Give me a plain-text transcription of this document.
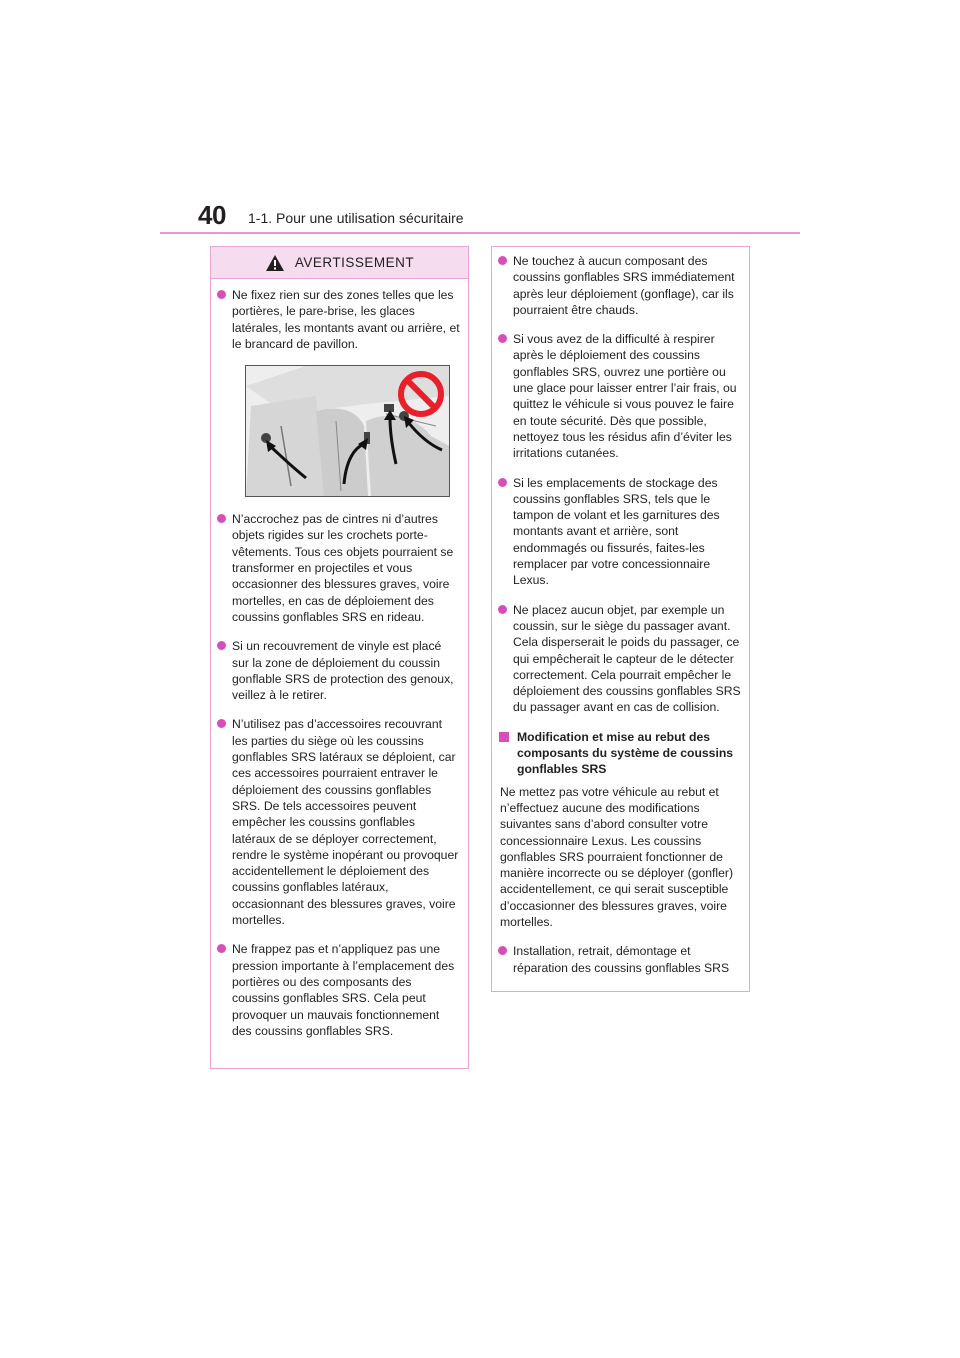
40 1-1. Pour une utilisation sécuritaire
AVERTISSEMENT
Ne fixez rien sur des zones telles que les portières, le pare-brise, les glaces latérales, les montants avant ou arrière, et le brancard de pavillon.
N’accrochez pas de cintres ni d’autres objets rigides sur les crochets porte-vêtements. Tous ces objets pourraient se transformer en projectiles et vous occasionner des blessures graves, voire mortelles, en cas de déploiement des coussins gonflables SRS en rideau.
Si un recouvrement de vinyle est placé sur la zone de déploiement du coussin gonflable SRS de protection des genoux, veillez à le retirer.
N’utilisez pas d’accessoires recouvrant les parties du siège où les coussins gonflables SRS latéraux se déploient, car ces accessoires pourraient entraver le déploiement des coussins gonflables SRS. De tels accessoires peuvent empêcher les coussins gonflables latéraux de se déployer correctement, rendre le système inopérant ou provoquer accidentellement le déploiement des coussins gonflables latéraux, occasionnant des blessures graves, voire mortelles.
Ne frappez pas et n’appliquez pas une pression importante à l’emplacement des portières ou des composants des coussins gonflables SRS. Cela peut provoquer un mauvais fonctionnement des coussins gonflables SRS.
Ne touchez à aucun composant des coussins gonflables SRS immédiatement après leur déploiement (gonflage), car ils pourraient être chauds.
Si vous avez de la difficulté à respirer après le déploiement des coussins gonflables SRS, ouvrez une portière ou une glace pour laisser entrer l’air frais, ou quittez le véhicule si vous pouvez le faire en toute sécurité. Dès que possible, nettoyez tous les résidus afin d’éviter les irritations cutanées.
Si les emplacements de stockage des coussins gonflables SRS, tels que le tampon de volant et les garnitures des montants avant et arrière, sont endommagés ou fissurés, faites-les remplacer par votre concessionnaire Lexus.
Ne placez aucun objet, par exemple un coussin, sur le siège du passager avant. Cela disperserait le poids du passager, ce qui empêcherait le capteur de le détecter correctement. Cela pourrait empêcher le déploiement des coussins gonflables SRS du passager avant en cas de collision.
Modification et mise au rebut des composants du système de coussins gonflables SRS
Ne mettez pas votre véhicule au rebut et n’effectuez aucune des modifications suivantes sans d’abord consulter votre concessionnaire Lexus. Les coussins gonflables SRS pourraient fonctionner de manière incorrecte ou se déployer (gonfler) accidentellement, ce qui serait susceptible d’occasionner des blessures graves, voire mortelles.
Installation, retrait, démontage et réparation des coussins gonflables SRS
